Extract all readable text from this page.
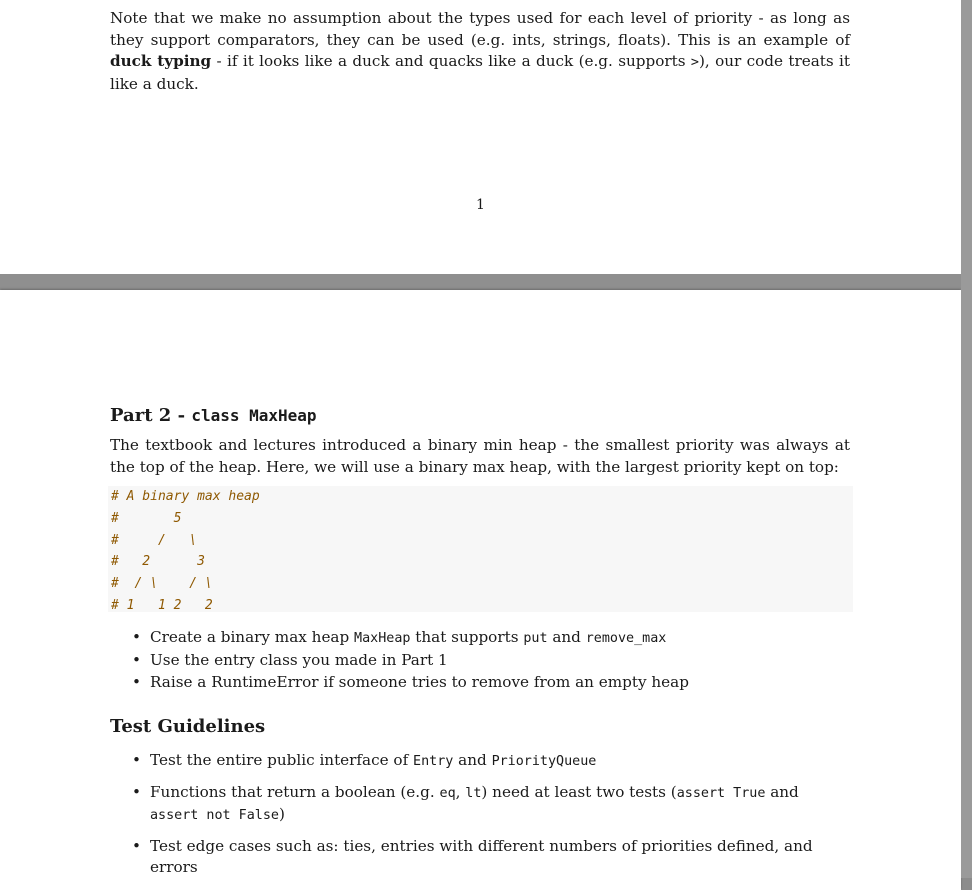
Note that we make no assumption about the types used for each level of priority - as long as they support comparators, they can be used (e.g. ints, strings, floats). This is an example of duck typing - if it looks like a duck and quacks like a duck (e.g. supports >), our code treats it like a duck.

1

Part 2 - class MaxHeap

The textbook and lectures introduced a binary min heap - the smallest priority was always at the top of the heap. Here, we will use a binary max heap, with the largest priority kept on top:

# A binary max heap
#       5
#     /   \
#   2      3
#  / \    / \
# 1   1 2   2
• Create a binary max heap MaxHeap that supports put and remove_max
• Use the entry class you made in Part 1
• Raise a RuntimeError if someone tries to remove from an empty heap
Test Guidelines
• Test the entire public interface of Entry and PriorityQueue
• Functions that return a boolean (e.g. eq, lt) need at least two tests (assert True and assert not False)
• Test edge cases such as: ties, entries with different numbers of priorities defined, and errors
